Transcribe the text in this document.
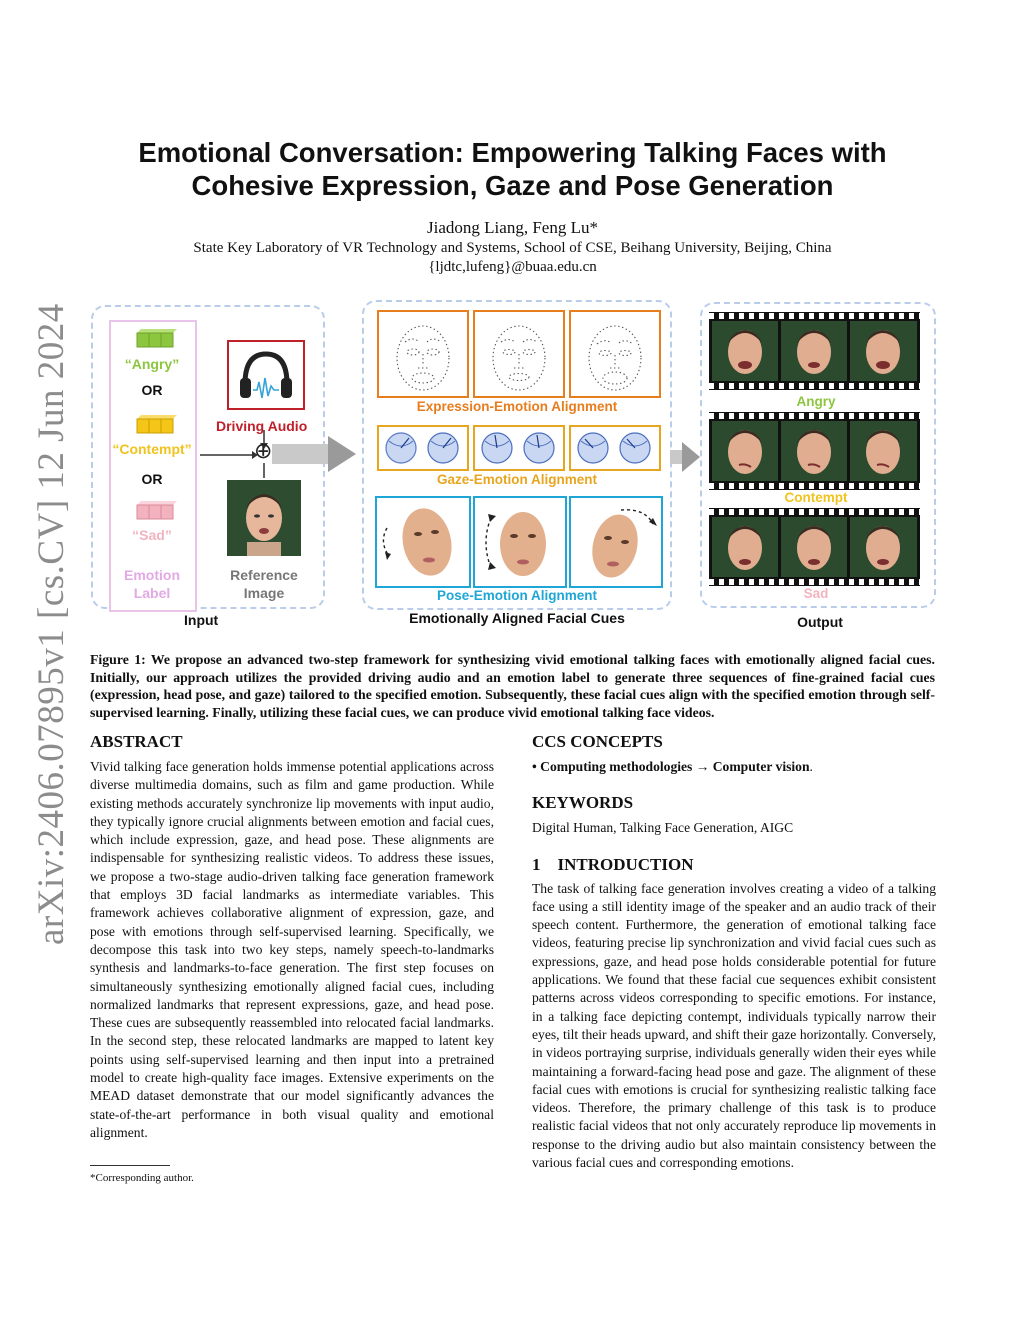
arXiv:2406.07895v1 [cs.CV] 12 Jun 2024
Emotional Conversation: Empowering Talking Faces with
Cohesive Expression, Gaze and Pose Generation
Jiadong Liang, Feng Lu*
State Key Laboratory of VR Technology and Systems, School of CSE, Beihang University, Beijing, China
{ljdtc,lufeng}@buaa.edu.cn
“Angry”
OR
“Contempt”
OR
“Sad”
Emotion
Label
Driving Audio
⊕
Reference
Image
Input
Expression-Emotion Alignment
Gaze-Emotion Alignment
Pose-Emotion Alignment
Emotionally Aligned Facial Cues
Angry
Contempt
Sad
Output
Figure 1: We propose an advanced two-step framework for synthesizing vivid emotional talking faces with emotionally aligned facial cues. Initially, our approach utilizes the provided driving audio and an emotion label to generate three sequences of fine-grained facial cues (expression, head pose, and gaze) tailored to the specified emotion. Subsequently, these facial cues align with the specified emotion through self-supervised learning. Finally, utilizing these facial cues, we can produce vivid emotional talking face videos.
ABSTRACT

Vivid talking face generation holds immense potential applications across diverse multimedia domains, such as film and game production. While existing methods accurately synchronize lip movements with input audio, they typically ignore crucial alignments between emotion and facial cues, which include expression, gaze, and head pose. These alignments are indispensable for synthesizing realistic videos. To address these issues, we propose a two-stage audio-driven talking face generation framework that employs 3D facial landmarks as intermediate variables. This framework achieves collaborative alignment of expression, gaze, and pose with emotions through self-supervised learning. Specifically, we decompose this task into two key steps, namely speech-to-landmarks synthesis and landmarks-to-face generation. The first step focuses on simultaneously synthesizing emotionally aligned facial cues, including normalized landmarks that represent expressions, gaze, and head pose. These cues are subsequently reassembled into relocated facial landmarks. In the second step, these relocated landmarks are mapped to latent key points using self-supervised learning and then input into a pretrained model to create high-quality face images. Extensive experiments on the MEAD dataset demonstrate that our model significantly advances the state-of-the-art performance in both visual quality and emotional alignment.

*Corresponding author.
CCS CONCEPTS

• Computing methodologies → Computer vision.

KEYWORDS

Digital Human, Talking Face Generation, AIGC

1    INTRODUCTION

The task of talking face generation involves creating a video of a talking face using a still identity image of the speaker and an audio track of their speech content. Furthermore, the generation of emotional talking face videos, featuring precise lip synchronization and vivid facial cues such as expressions, gaze, and head pose holds considerable potential for future applications. We found that these facial cue sequences exhibit consistent patterns across videos corresponding to specific emotions. For instance, in a talking face depicting contempt, individuals typically narrow their eyes, tilt their heads upward, and shift their gaze horizontally. Conversely, in videos portraying surprise, individuals generally widen their eyes while maintaining a forward-facing head pose and gaze. The alignment of these facial cues with emotions is crucial for synthesizing realistic talking face videos. Therefore, the primary challenge of this task is to produce realistic facial videos that not only accurately reproduce lip movements in response to the driving audio but also maintain consistency between the various facial cues and corresponding emotions.
